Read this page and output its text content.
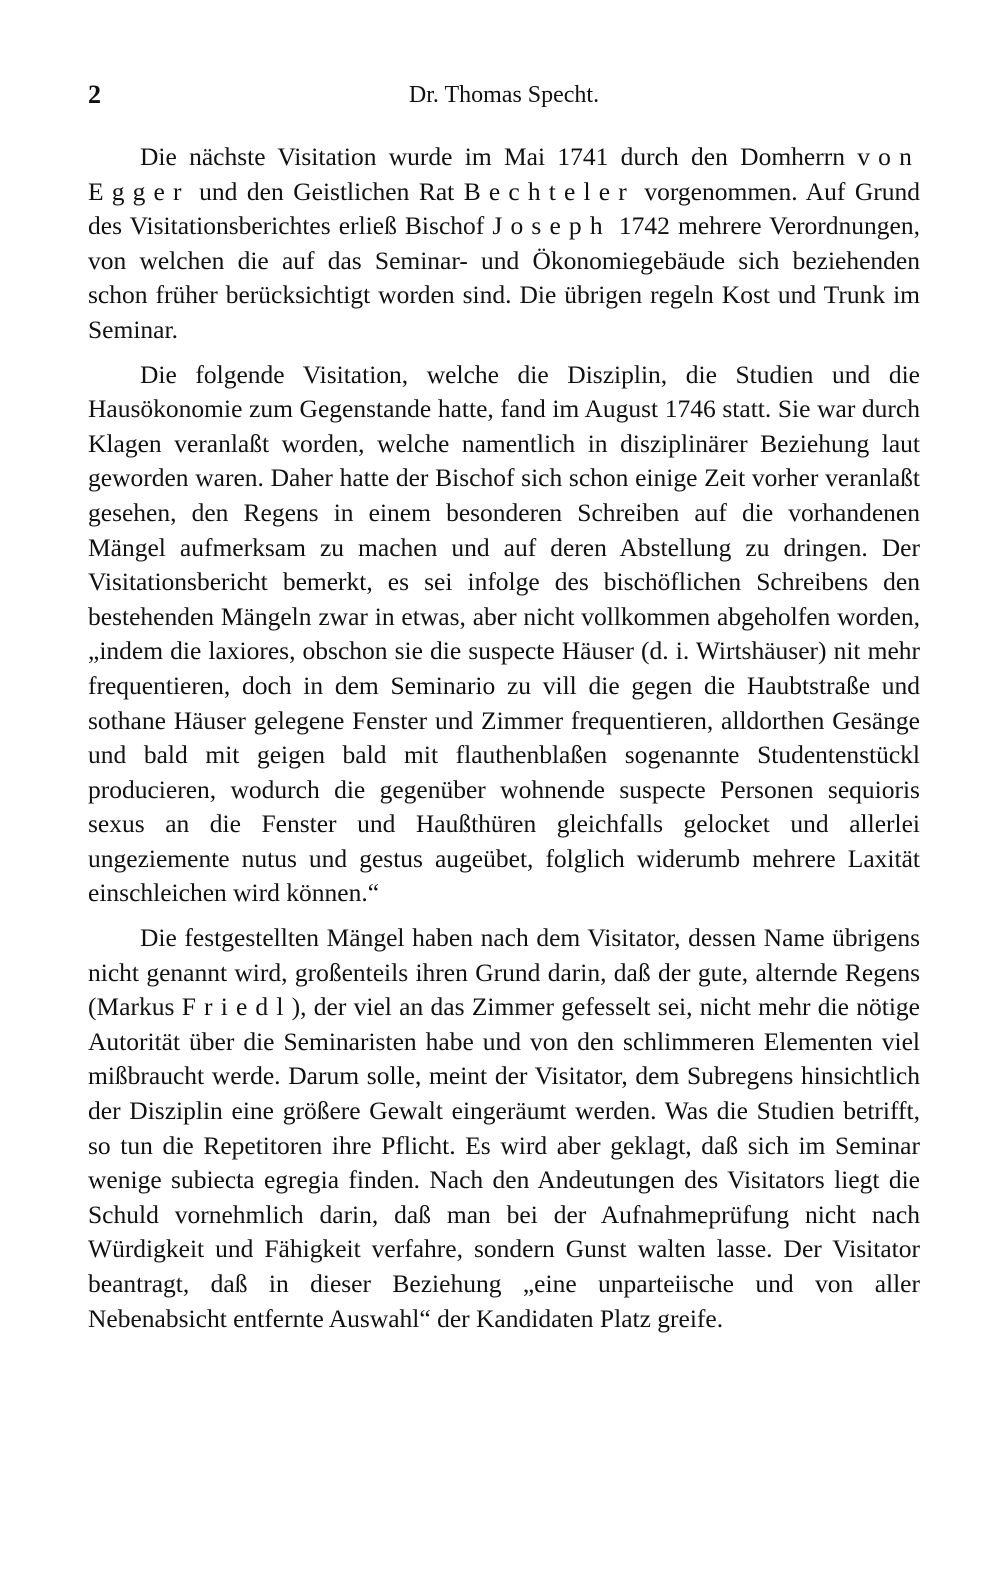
2	Dr. Thomas Specht.

Die nächste Visitation wurde im Mai 1741 durch den Domherrn von Egger und den Geistlichen Rat Bechteler vorgenommen. Auf Grund des Visitationsberichtes erließ Bischof Joseph 1742 mehrere Verordnungen, von welchen die auf das Seminar- und Ökonomiegebäude sich beziehenden schon früher berücksichtigt worden sind. Die übrigen regeln Kost und Trunk im Seminar.

Die folgende Visitation, welche die Disziplin, die Studien und die Hausökonomie zum Gegenstande hatte, fand im August 1746 statt. Sie war durch Klagen veranlaßt worden, welche namentlich in disziplinärer Beziehung laut geworden waren. Daher hatte der Bischof sich schon einige Zeit vorher veranlaßt gesehen, den Regens in einem besonderen Schreiben auf die vorhandenen Mängel aufmerksam zu machen und auf deren Abstellung zu dringen. Der Visitationsbericht bemerkt, es sei infolge des bischöflichen Schreibens den bestehenden Mängeln zwar in etwas, aber nicht vollkommen abgeholfen worden, „indem die laxiores, obschon sie die suspecte Häuser (d. i. Wirtshäuser) nit mehr frequentieren, doch in dem Seminario zu vill die gegen die Haubtstraße und sothane Häuser gelegene Fenster und Zimmer frequentieren, alldorthen Gesänge und bald mit geigen bald mit flauthenblaßen sogenannte Studentenstückl producieren, wodurch die gegenüber wohnende suspecte Personen sequioris sexus an die Fenster und Haußthüren gleichfalls gelocket und allerlei ungeziemente nutus und gestus augeübet, folglich widerumb mehrere Laxität einschleichen wird können.“

Die festgestellten Mängel haben nach dem Visitator, dessen Name übrigens nicht genannt wird, großenteils ihren Grund darin, daß der gute, alternde Regens (Markus Friedl), der viel an das Zimmer gefesselt sei, nicht mehr die nötige Autorität über die Seminaristen habe und von den schlimmeren Elementen viel mißbraucht werde. Darum solle, meint der Visitator, dem Subregens hinsichtlich der Disziplin eine größere Gewalt eingeräumt werden. Was die Studien betrifft, so tun die Repetitoren ihre Pflicht. Es wird aber geklagt, daß sich im Seminar wenige subiecta egregia finden. Nach den Andeutungen des Visitators liegt die Schuld vornehmlich darin, daß man bei der Aufnahmeprüfung nicht nach Würdigkeit und Fähigkeit verfahre, sondern Gunst walten lasse. Der Visitator beantragt, daß in dieser Beziehung „eine unparteiische und von aller Nebenabsicht entfernte Auswahl“ der Kandidaten Platz greife.
